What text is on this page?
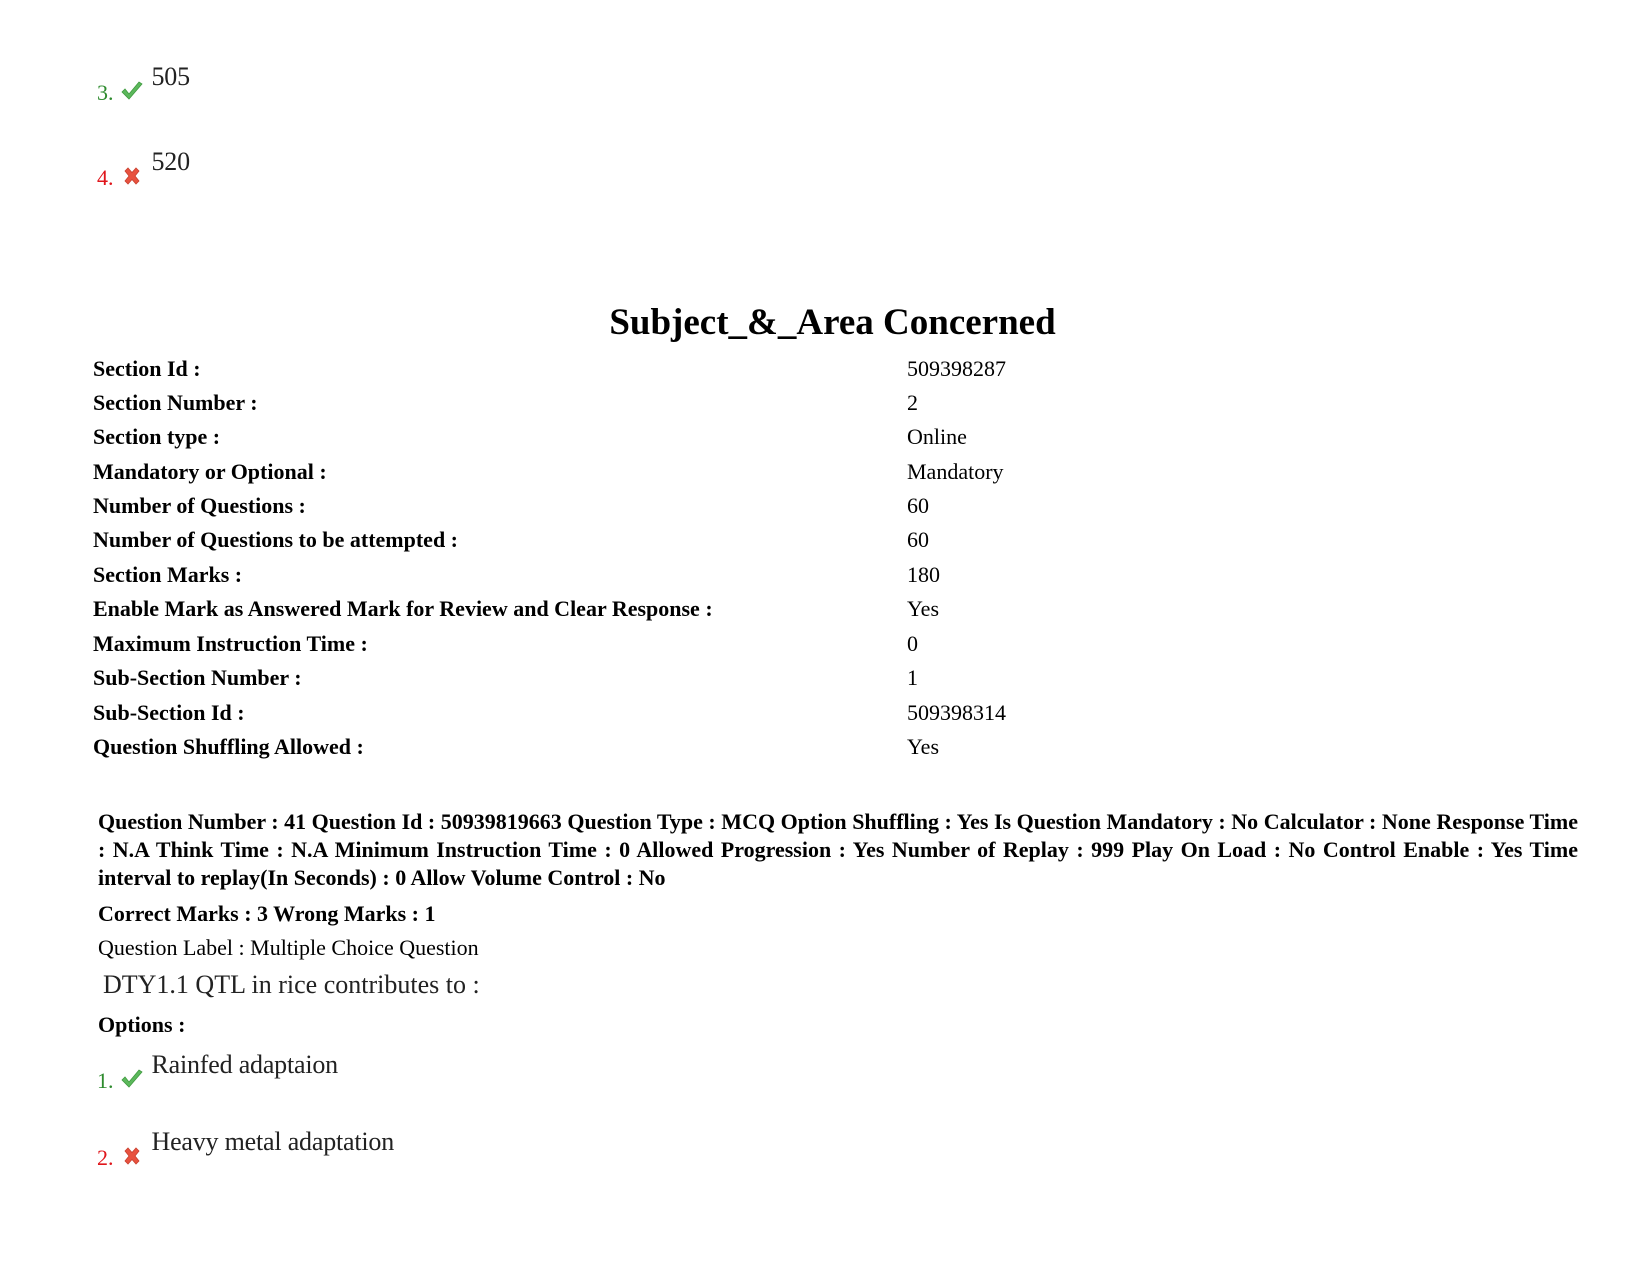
3.
505
4.
520
Subject_&_Area Concerned
Section Id :	509398287
Section Number :	2
Section type :	Online
Mandatory or Optional :	Mandatory
Number of Questions :	60
Number of Questions to be attempted :	60
Section Marks :	180
Enable Mark as Answered Mark for Review and Clear Response :	Yes
Maximum Instruction Time :	0
Sub-Section Number :	1
Sub-Section Id :	509398314
Question Shuffling Allowed :	Yes
Question Number : 41 Question Id : 50939819663 Question Type : MCQ Option Shuffling : Yes Is Question Mandatory : No Calculator : None Response Time : N.A Think Time : N.A Minimum Instruction Time : 0 Allowed Progression : Yes Number of Replay : 999 Play On Load : No Control Enable : Yes Time interval to replay(In Seconds) : 0 Allow Volume Control : No
Correct Marks : 3 Wrong Marks : 1
Question Label : Multiple Choice Question
DTY1.1 QTL in rice contributes to :
Options :
1.
Rainfed adaptaion
2.
Heavy metal adaptation
